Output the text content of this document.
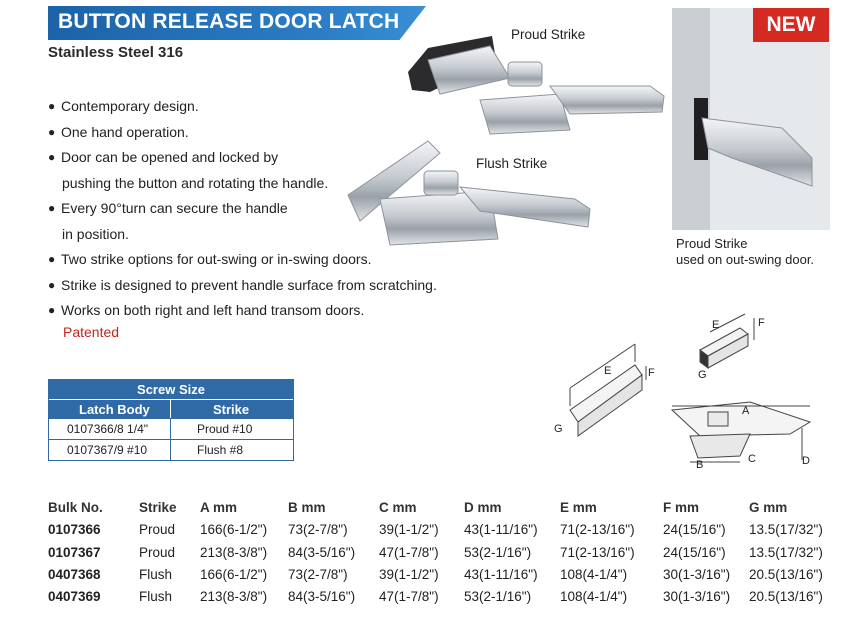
BUTTON RELEASE DOOR LATCH
Stainless Steel 316
● Contemporary design.
● One hand operation.
● Door can be opened and locked by
pushing the button and rotating the handle.
● Every 90°turn can secure the handle
in position.
● Two strike options for out-swing or in-swing doors.
● Strike is designed to prevent handle surface from scratching.
● Works on both right and left hand transom doors.
Patented
Proud Strike
Flush Strike
NEW
Proud Strike
used on out-swing door.
Screw Size
Latch Body	Strike
0107366/8 1/4"	Proud #10
0107367/9 #10	Flush #8
E	F
G
E	F
G
A
B	C	D
Bulk No.	Strike A mm	B mm	C mm	D mm	E mm	F mm	G mm
0107366	Proud 166(6-1/2") 73(2-7/8") 39(1-1/2") 43(1-11/16") 71(2-13/16") 24(15/16") 13.5(17/32")
0107367	Proud 213(8-3/8") 84(3-5/16") 47(1-7/8") 53(2-1/16") 71(2-13/16") 24(15/16") 13.5(17/32")
0407368	Flush 166(6-1/2") 73(2-7/8") 39(1-1/2") 43(1-11/16") 108(4-1/4")	30(1-3/16") 20.5(13/16")
0407369	Flush 213(8-3/8") 84(3-5/16") 47(1-7/8") 53(2-1/16") 108(4-1/4")	30(1-3/16") 20.5(13/16")
